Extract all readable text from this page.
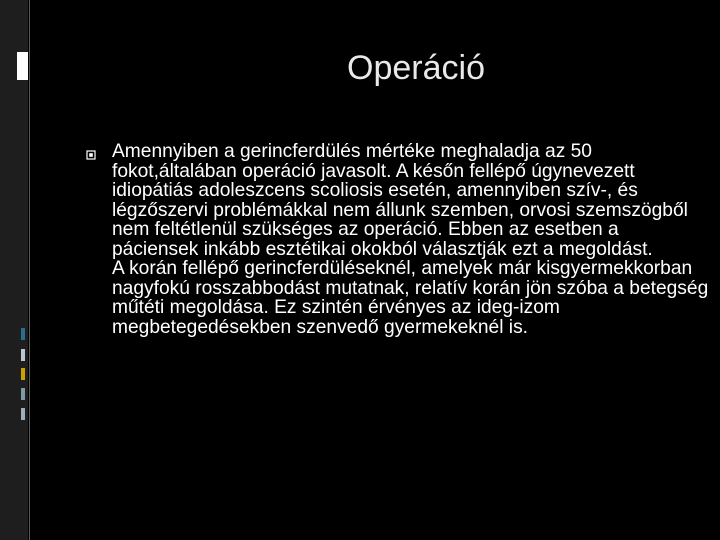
Operáció

Amennyiben a gerincferdülés mértéke meghaladja az 50 fokot,általában operáció javasolt. A későn fellépő úgynevezett idiopátiás adoleszcens scoliosis esetén, amennyiben szív-, és légzőszervi problémákkal nem állunk szemben, orvosi szemszögből nem feltétlenül szükséges az operáció. Ebben az esetben a páciensek inkább esztétikai okokból választják ezt a megoldást.

A korán fellépő gerincferdüléseknél, amelyek már kisgyermekkorban nagyfokú rosszabbodást mutatnak, relatív korán jön szóba a betegség műtéti megoldása. Ez szintén érvényes az ideg-izom megbetegedésekben szenvedő gyermekeknél is.
